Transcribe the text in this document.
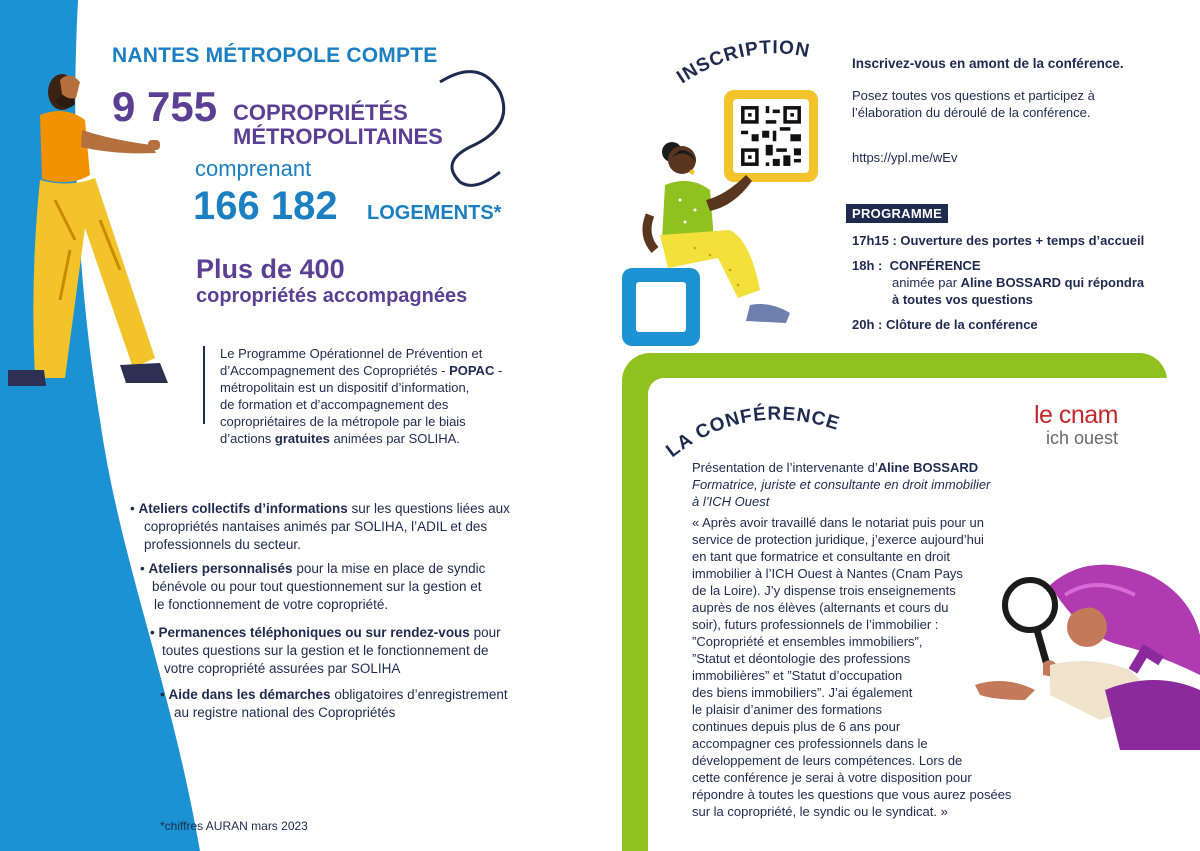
NANTES MÉTROPOLE COMPTE
9 755 COPROPRIÉTÉS
MÉTROPOLITAINES
comprenant
166 182 LOGEMENTS*
Plus de 400
copropriétés accompagnées
Le Programme Opérationnel de Prévention et
d’Accompagnement des Copropriétés - POPAC -
métropolitain est un dispositif d’information,
de formation et d’accompagnement des
copropriétaires de la métropole par le biais
d’actions gratuites animées par SOLIHA.
• Ateliers collectifs d’informations sur les questions liées aux
copropriétés nantaises animés par SOLIHA, l’ADIL et des
professionnels du secteur.
• Ateliers personnalisés pour la mise en place de syndic
bénévole ou pour tout questionnement sur la gestion et
le fonctionnement de votre copropriété.
• Permanences téléphoniques ou sur rendez-vous pour
toutes questions sur la gestion et le fonctionnement de
votre copropriété assurées par SOLIHA
• Aide dans les démarches obligatoires d’enregistrement
au registre national des Copropriétés
*chiffres AURAN mars 2023
INSCRIPTION
Inscrivez-vous en amont de la conférence.
Posez toutes vos questions et participez à
l’élaboration du déroulé de la conférence.
https://ypl.me/wEv
PROGRAMME
17h15 : Ouverture des portes + temps d’accueil
18h : CONFÉRENCE
animée par Aline BOSSARD qui répondra
à toutes vos questions
20h : Clôture de la conférence
LA CONFÉRENCE	le cnam
ich ouest
Présentation de l’intervenante d’Aline BOSSARD
Formatrice, juriste et consultante en droit immobilier
à l’ICH Ouest
« Après avoir travaillé dans le notariat puis pour un
service de protection juridique, j’exerce aujourd’hui
en tant que formatrice et consultante en droit
immobilier à l’ICH Ouest à Nantes (Cnam Pays
de la Loire). J’y dispense trois enseignements
auprès de nos élèves (alternants et cours du
soir), futurs professionnels de l’immobilier :
”Copropriété et ensembles immobiliers”,
”Statut et déontologie des professions
immobilières” et ”Statut d’occupation
des biens immobiliers”. J’ai également
le plaisir d’animer des formations
continues depuis plus de 6 ans pour
accompagner ces professionnels dans le
développement de leurs compétences. Lors de
cette conférence je serai à votre disposition pour
répondre à toutes les questions que vous aurez posées
sur la copropriété, le syndic ou le syndicat. »
